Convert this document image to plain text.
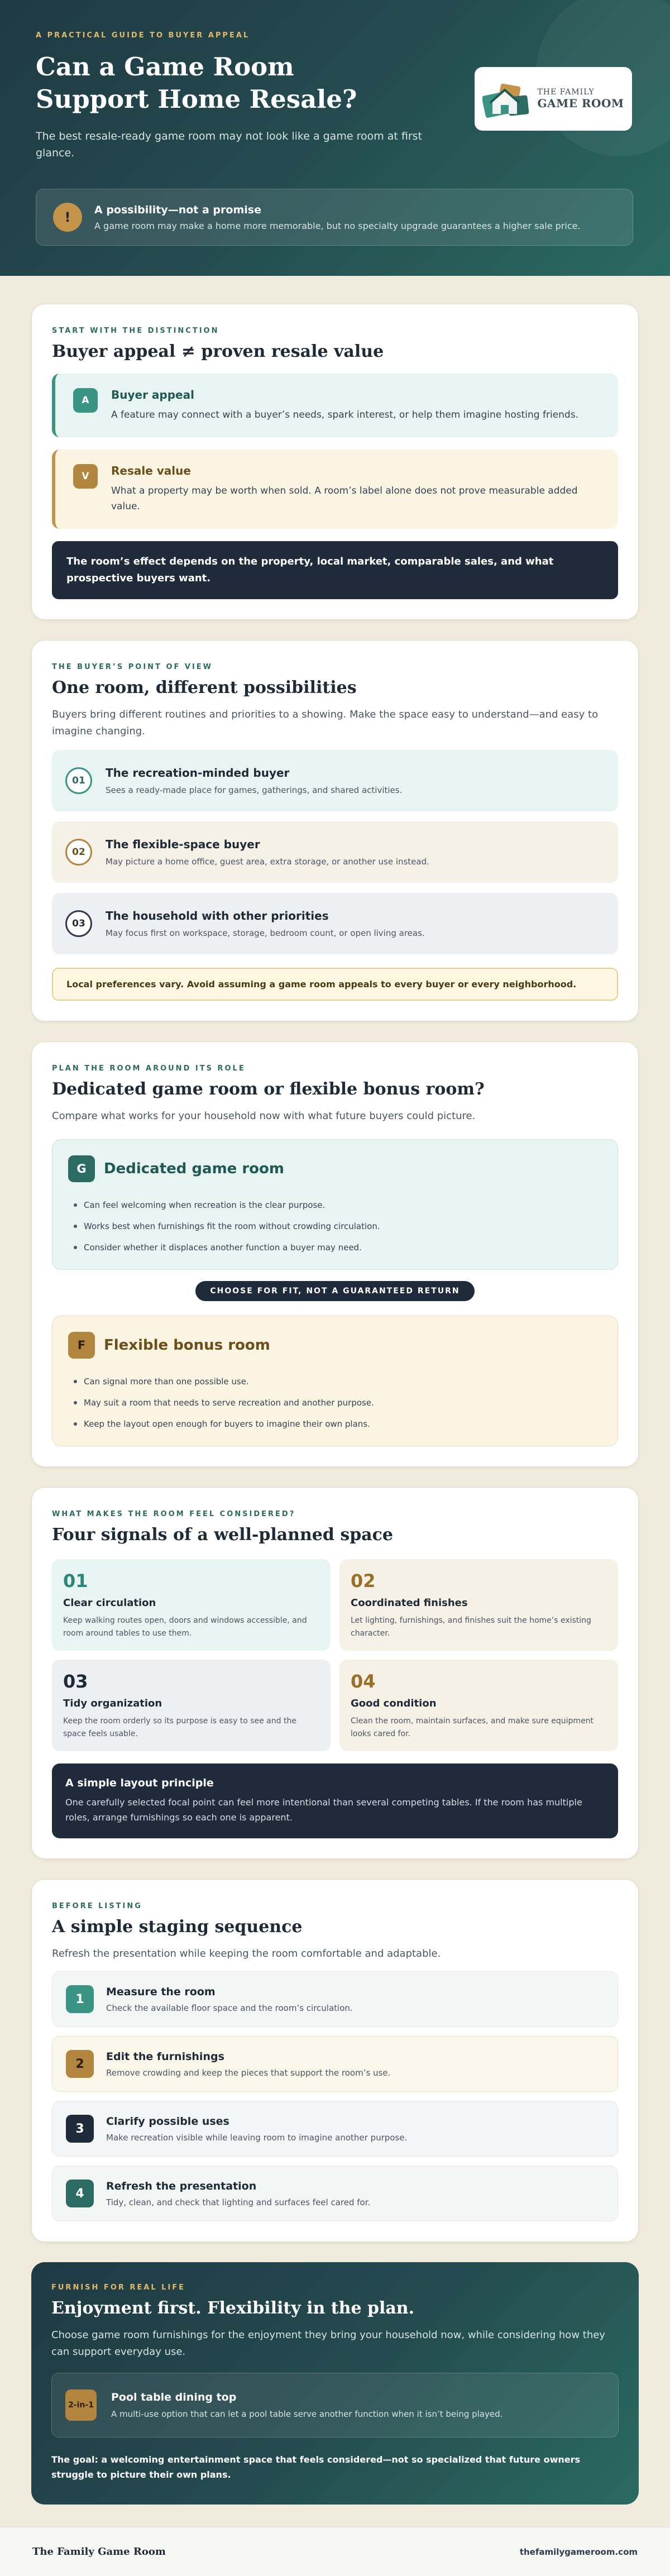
A PRACTICAL GUIDE TO BUYER APPEAL
Can a Game Room Support Home Resale?

The best resale-ready game room may not look like a game room at first glance.

THE FAMILY
GAME ROOM
!	A possibility—not a promise
A game room may make a home more memorable, but no specialty upgrade guarantees a higher sale price.
START WITH THE DISTINCTION
Buyer appeal ≠ proven resale value
A	Buyer appeal
A feature may connect with a buyer’s needs, spark interest, or help them imagine hosting friends.
V	Resale value
What a property may be worth when sold. A room’s label alone does not prove measurable added value.
The room’s effect depends on the property, local market, comparable sales, and what prospective buyers want.
THE BUYER’S POINT OF VIEW
One room, different possibilities

Buyers bring different routines and priorities to a showing. Make the space easy to understand—and easy to imagine changing.

01
The recreation-minded buyer
Sees a ready-made place for games, gatherings, and shared activities.
02
The flexible-space buyer
May picture a home office, guest area, extra storage, or another use instead.
03
The household with other priorities
May focus first on workspace, storage, bedroom count, or open living areas.
Local preferences vary. Avoid assuming a game room appeals to every buyer or every neighborhood.
PLAN THE ROOM AROUND ITS ROLE
Dedicated game room or flexible bonus room?

Compare what works for your household now with what future buyers could picture.

G	Dedicated game room
Can feel welcoming when recreation is the clear purpose.
Works best when furnishings fit the room without crowding circulation.
Consider whether it displaces another function a buyer may need.
CHOOSE FOR FIT, NOT A GUARANTEED RETURN
F	Flexible bonus room
Can signal more than one possible use.
May suit a room that needs to serve recreation and another purpose.
Keep the layout open enough for buyers to imagine their own plans.
WHAT MAKES THE ROOM FEEL CONSIDERED?
Four signals of a well-planned space
01
Clear circulation
Keep walking routes open, doors and windows accessible, and room around tables to use them.
02
Coordinated finishes
Let lighting, furnishings, and finishes suit the home’s existing character.
03
Tidy organization
Keep the room orderly so its purpose is easy to see and the space feels usable.
04
Good condition
Clean the room, maintain surfaces, and make sure equipment looks cared for.
A simple layout principle
One carefully selected focal point can feel more intentional than several competing tables. If the room has multiple roles, arrange furnishings so each one is apparent.
BEFORE LISTING
A simple staging sequence

Refresh the presentation while keeping the room comfortable and adaptable.

1
Measure the room
Check the available floor space and the room’s circulation.
2
Edit the furnishings
Remove crowding and keep the pieces that support the room’s use.
3
Clarify possible uses
Make recreation visible while leaving room to imagine another purpose.
4
Refresh the presentation
Tidy, clean, and check that lighting and surfaces feel cared for.
FURNISH FOR REAL LIFE
Enjoyment first. Flexibility in the plan.

Choose game room furnishings for the enjoyment they bring your household now, while considering how they can support everyday use.

2-in-1
Pool table dining top
A multi-use option that can let a pool table serve another function when it isn’t being played.

The goal: a welcoming entertainment space that feels considered—not so specialized that future owners struggle to picture their own plans.

The Family Game Room	thefamilygameroom.com
